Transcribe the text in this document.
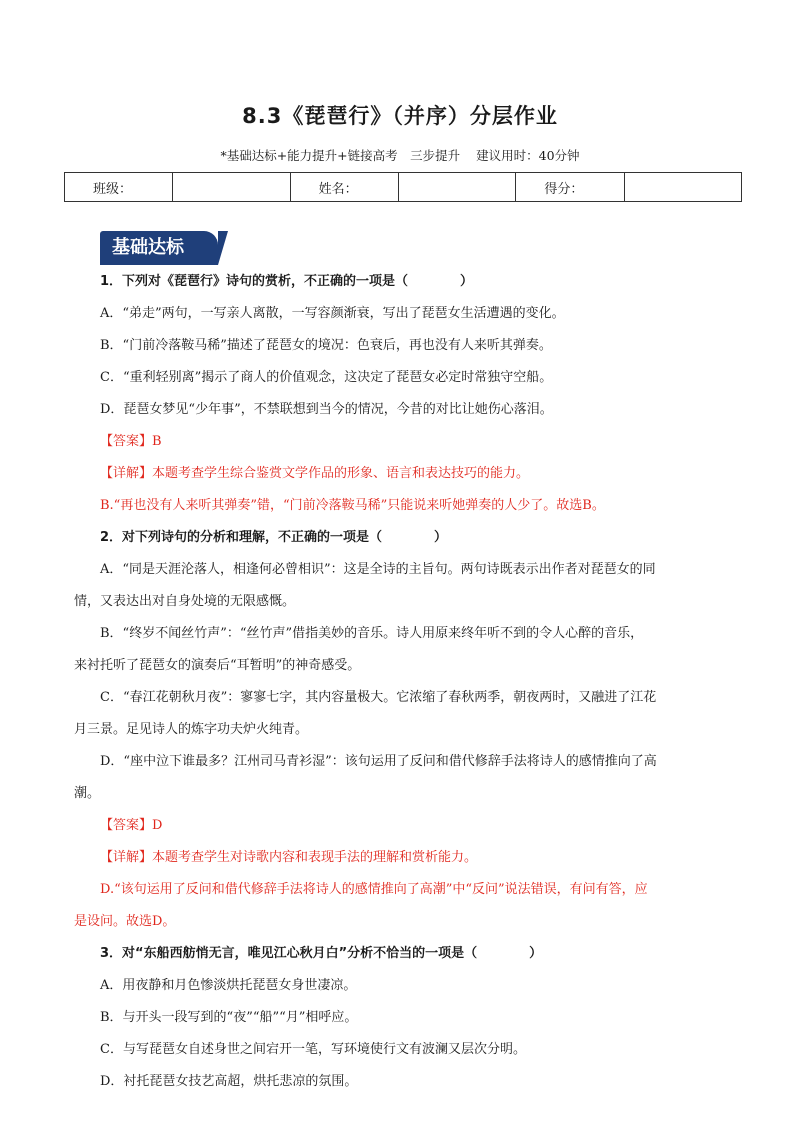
8.3《琵琶行》（并序）分层作业
*基础达标+能力提升+链接高考　三步提升 建议用时：40分钟
班级：		姓名：		得分：	
基础达标
1．下列对《琵琶行》诗句的赏析，不正确的一项是（　　　　）
A．“弟走”两句，一写亲人离散，一写容颜渐衰，写出了琵琶女生活遭遇的变化。
B．“门前冷落鞍马稀”描述了琵琶女的境况：色衰后，再也没有人来听其弹奏。
C．“重利轻别离”揭示了商人的价值观念，这决定了琵琶女必定时常独守空船。
D．琵琶女梦见“少年事”，不禁联想到当今的情况，今昔的对比让她伤心落泪。
【答案】B
【详解】本题考查学生综合鉴赏文学作品的形象、语言和表达技巧的能力。
B.“再也没有人来听其弹奏”错，“门前冷落鞍马稀”只能说来听她弹奏的人少了。故选B。
2．对下列诗句的分析和理解，不正确的一项是（　　　　）
A．“同是天涯沦落人，相逢何必曾相识”：这是全诗的主旨句。两句诗既表示出作者对琵琶女的同
情，又表达出对自身处境的无限感慨。
B．“终岁不闻丝竹声”：“丝竹声”借指美妙的音乐。诗人用原来终年听不到的令人心醉的音乐，
来衬托听了琵琶女的演奏后“耳暂明”的神奇感受。
C．“春江花朝秋月夜”：寥寥七字，其内容量极大。它浓缩了春秋两季，朝夜两时，又融进了江花
月三景。足见诗人的炼字功夫炉火纯青。
D．“座中泣下谁最多？江州司马青衫湿”：该句运用了反问和借代修辞手法将诗人的感情推向了高
潮。
【答案】D
【详解】本题考查学生对诗歌内容和表现手法的理解和赏析能力。
D.“该句运用了反问和借代修辞手法将诗人的感情推向了高潮”中“反问”说法错误，有问有答，应
是设问。故选D。
3．对“东船西舫悄无言，唯见江心秋月白”分析不恰当的一项是（　　　　）
A．用夜静和月色惨淡烘托琵琶女身世凄凉。
B．与开头一段写到的“夜”“船”“月”相呼应。
C．与写琵琶女自述身世之间宕开一笔，写环境使行文有波澜又层次分明。
D．衬托琵琶女技艺高超，烘托悲凉的氛围。
